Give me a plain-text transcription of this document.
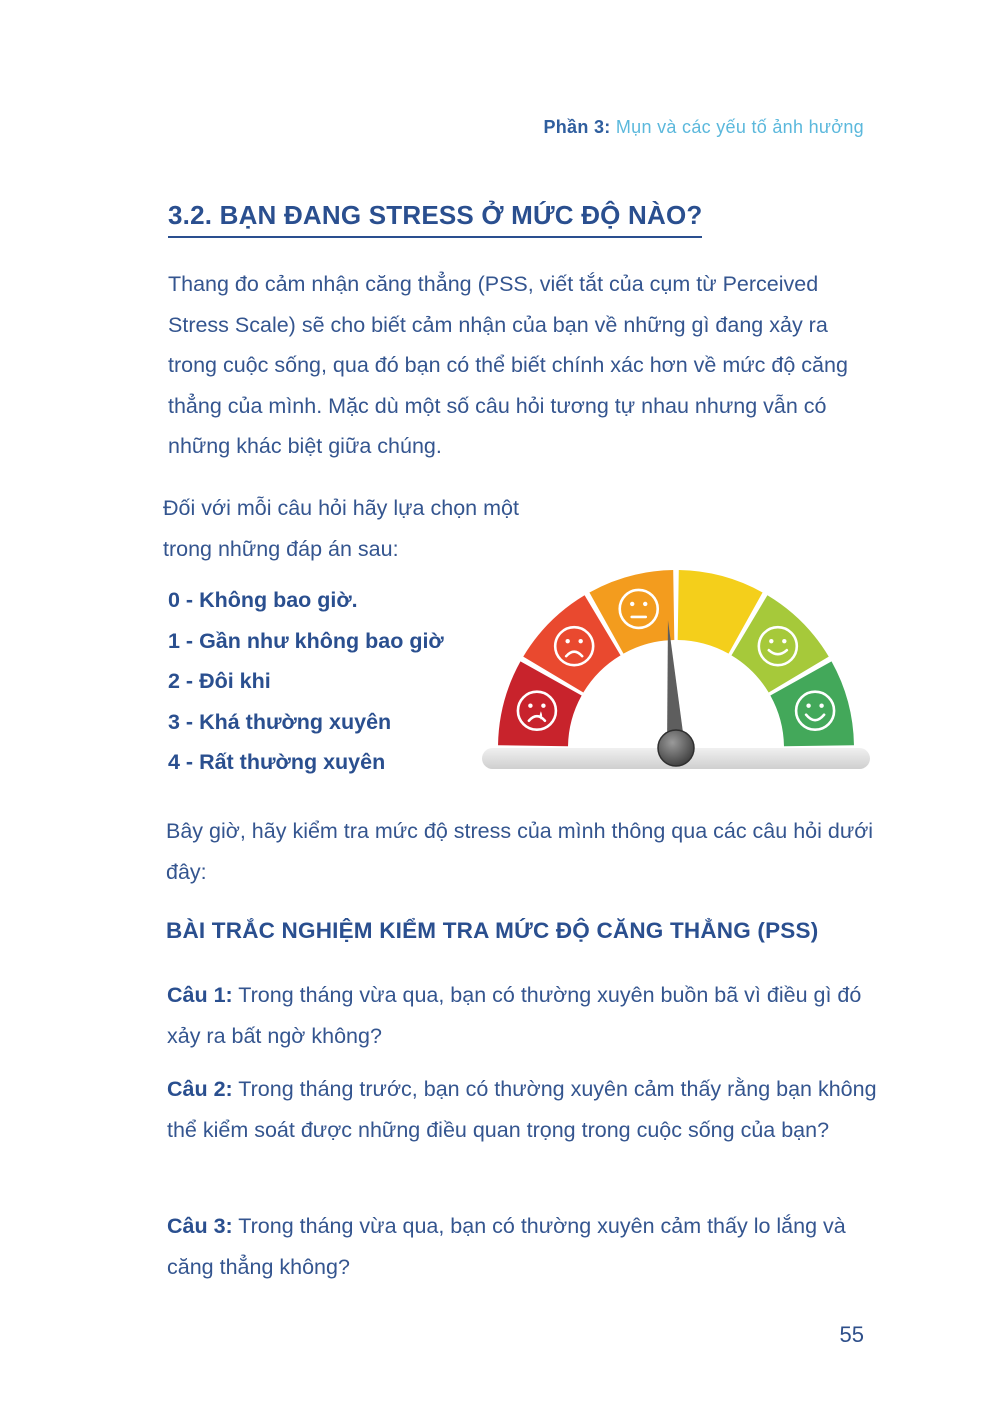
Phần 3: Mụn và các yếu tố ảnh hưởng
3.2. BẠN ĐANG STRESS Ở MỨC ĐỘ NÀO?

Thang đo cảm nhận căng thẳng (PSS, viết tắt của cụm từ Perceived Stress Scale) sẽ cho biết cảm nhận của bạn về những gì đang xảy ra trong cuộc sống, qua đó bạn có thể biết chính xác hơn về mức độ căng thẳng của mình. Mặc dù một số câu hỏi tương tự nhau nhưng vẫn có những khác biệt giữa chúng.

Đối với mỗi câu hỏi hãy lựa chọn một trong những đáp án sau:

0 - Không bao giờ.
1 - Gần như không bao giờ
2 - Đôi khi
3 - Khá thường xuyên
4 - Rất thường xuyên

Bây giờ, hãy kiểm tra mức độ stress của mình thông qua các câu hỏi dưới đây:

BÀI TRẮC NGHIỆM KIỂM TRA MỨC ĐỘ CĂNG THẲNG (PSS)

Câu 1: Trong tháng vừa qua, bạn có thường xuyên buồn bã vì điều gì đó xảy ra bất ngờ không?

Câu 2: Trong tháng trước, bạn có thường xuyên cảm thấy rằng bạn không thể kiểm soát được những điều quan trọng trong cuộc sống của bạn?

Câu 3: Trong tháng vừa qua, bạn có thường xuyên cảm thấy lo lắng và căng thẳng không?

55
